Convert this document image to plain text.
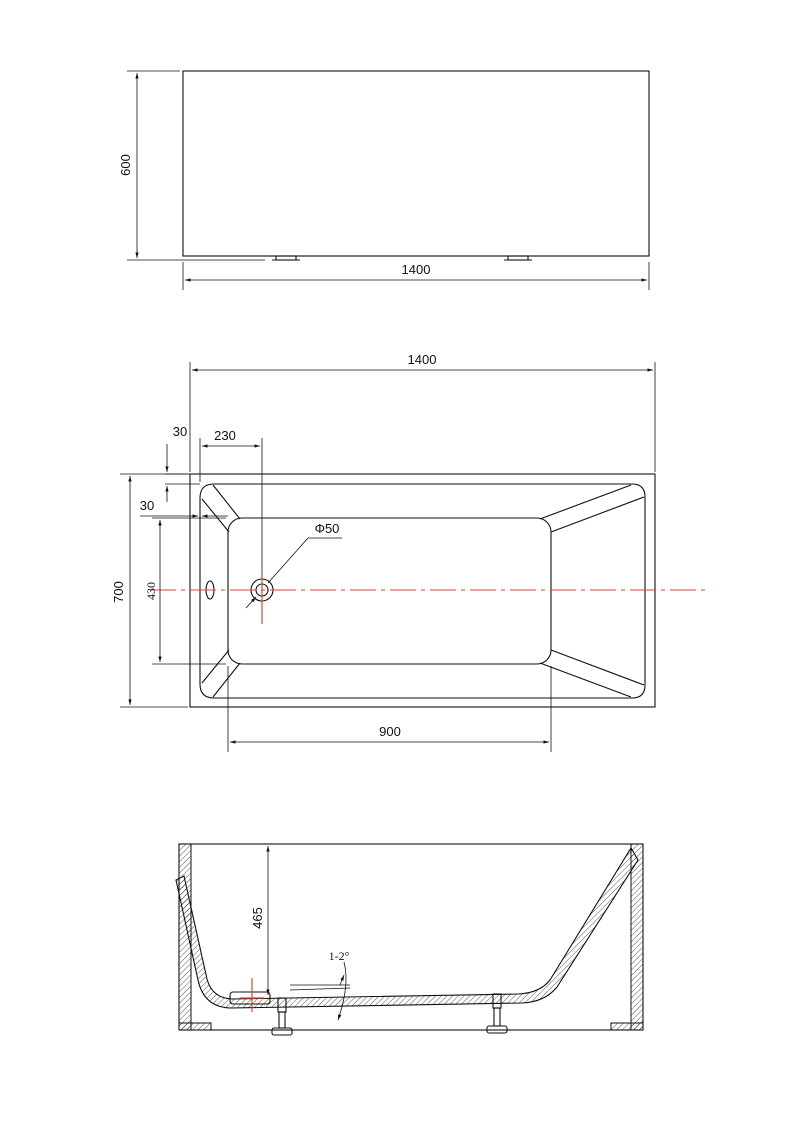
600
1400
1400
230
30
30
700 430
900
Φ50
465
1-2°
